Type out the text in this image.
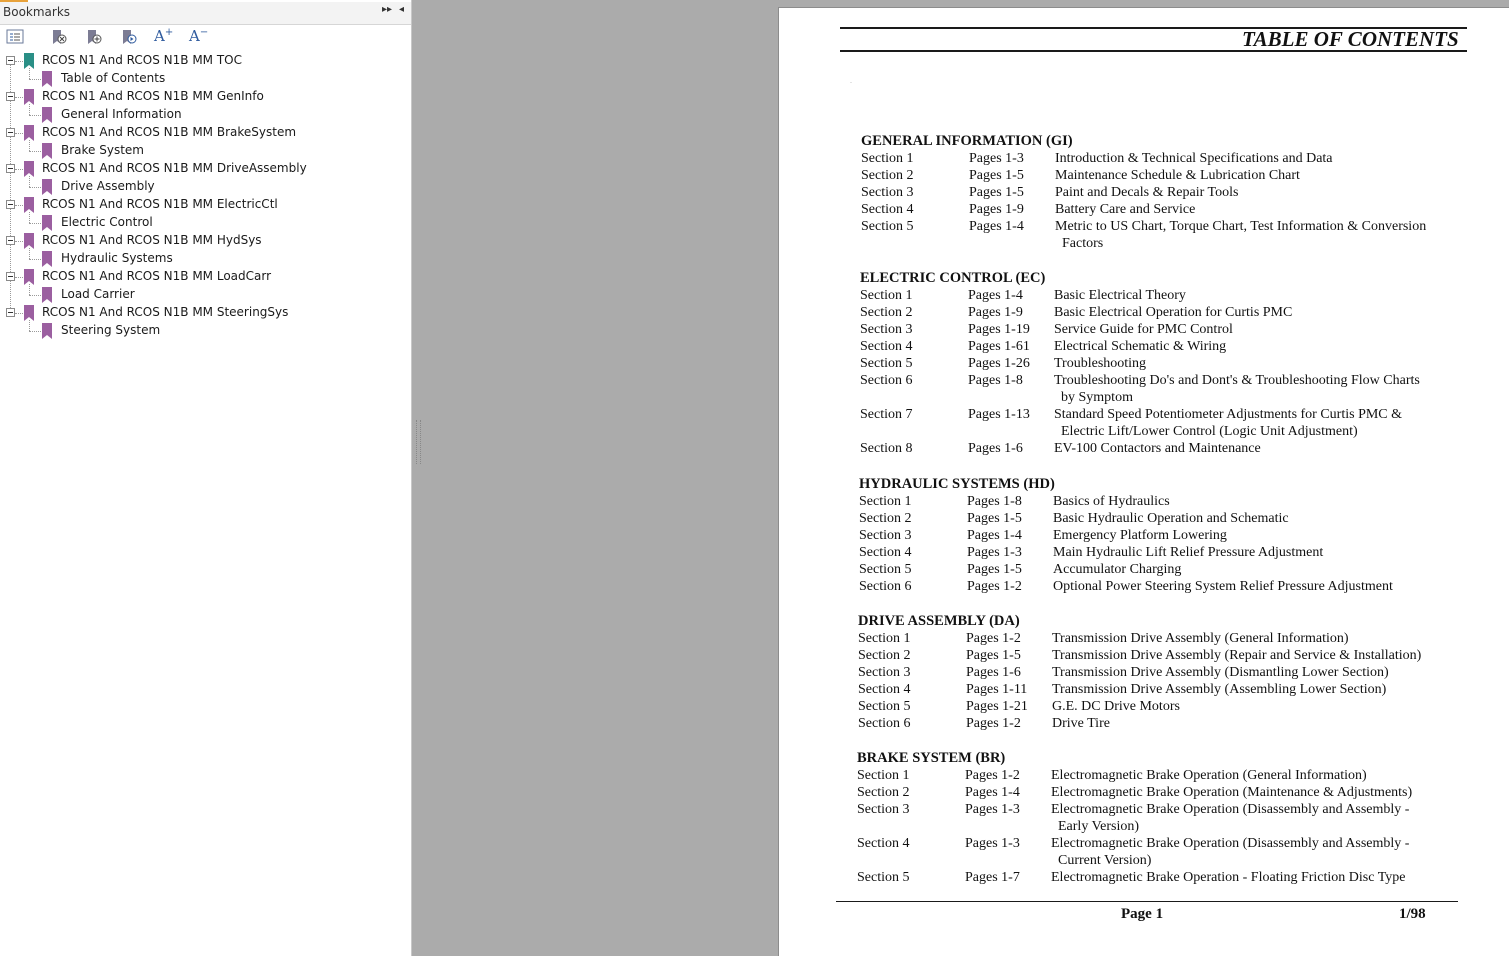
Bookmarks	▸▸ ◂
A+ A−
RCOS N1 And RCOS N1B MM TOC
Table of Contents
RCOS N1 And RCOS N1B MM GenInfo
General Information
RCOS N1 And RCOS N1B MM BrakeSystem
Brake System
RCOS N1 And RCOS N1B MM DriveAssembly
Drive Assembly
RCOS N1 And RCOS N1B MM ElectricCtl
Electric Control
RCOS N1 And RCOS N1B MM HydSys
Hydraulic Systems
RCOS N1 And RCOS N1B MM LoadCarr
Load Carrier
RCOS N1 And RCOS N1B MM SteeringSys
Steering System
TABLE OF CONTENTS
.
GENERAL INFORMATION (GI)
Section 1	Pages 1-3 Introduction & Technical Specifications and Data
Section 2	Pages 1-5 Maintenance Schedule & Lubrication Chart
Section 3	Pages 1-5 Paint and Decals & Repair Tools
Section 4	Pages 1-9 Battery Care and Service
Section 5	Pages 1-4 Metric to US Chart, Torque Chart, Test Information & Conversion
Factors
ELECTRIC CONTROL (EC)
Section 1	Pages 1-4 Basic Electrical Theory
Section 2	Pages 1-9 Basic Electrical Operation for Curtis PMC
Section 3	Pages 1-19 Service Guide for PMC Control
Section 4	Pages 1-61 Electrical Schematic & Wiring
Section 5	Pages 1-26 Troubleshooting
Section 6	Pages 1-8 Troubleshooting Do's and Dont's & Troubleshooting Flow Charts
by Symptom
Section 7	Pages 1-13 Standard Speed Potentiometer Adjustments for Curtis PMC &
Electric Lift/Lower Control (Logic Unit Adjustment)
Section 8	Pages 1-6 EV-100 Contactors and Maintenance
HYDRAULIC SYSTEMS (HD)
Section 1	Pages 1-8 Basics of Hydraulics
Section 2	Pages 1-5 Basic Hydraulic Operation and Schematic
Section 3	Pages 1-4 Emergency Platform Lowering
Section 4	Pages 1-3 Main Hydraulic Lift Relief Pressure Adjustment
Section 5	Pages 1-5 Accumulator Charging
Section 6	Pages 1-2 Optional Power Steering System Relief Pressure Adjustment
DRIVE ASSEMBLY (DA)
Section 1	Pages 1-2 Transmission Drive Assembly (General Information)
Section 2	Pages 1-5 Transmission Drive Assembly (Repair and Service & Installation)
Section 3	Pages 1-6 Transmission Drive Assembly (Dismantling Lower Section)
Section 4	Pages 1-11 Transmission Drive Assembly (Assembling Lower Section)
Section 5	Pages 1-21 G.E. DC Drive Motors
Section 6	Pages 1-2 Drive Tire
BRAKE SYSTEM (BR)
Section 1	Pages 1-2 Electromagnetic Brake Operation (General Information)
Section 2	Pages 1-4 Electromagnetic Brake Operation (Maintenance & Adjustments)
Section 3	Pages 1-3 Electromagnetic Brake Operation (Disassembly and Assembly -
Early Version)
Section 4	Pages 1-3 Electromagnetic Brake Operation (Disassembly and Assembly -
Current Version)
Section 5	Pages 1-7 Electromagnetic Brake Operation - Floating Friction Disc Type
Page 1	1/98
